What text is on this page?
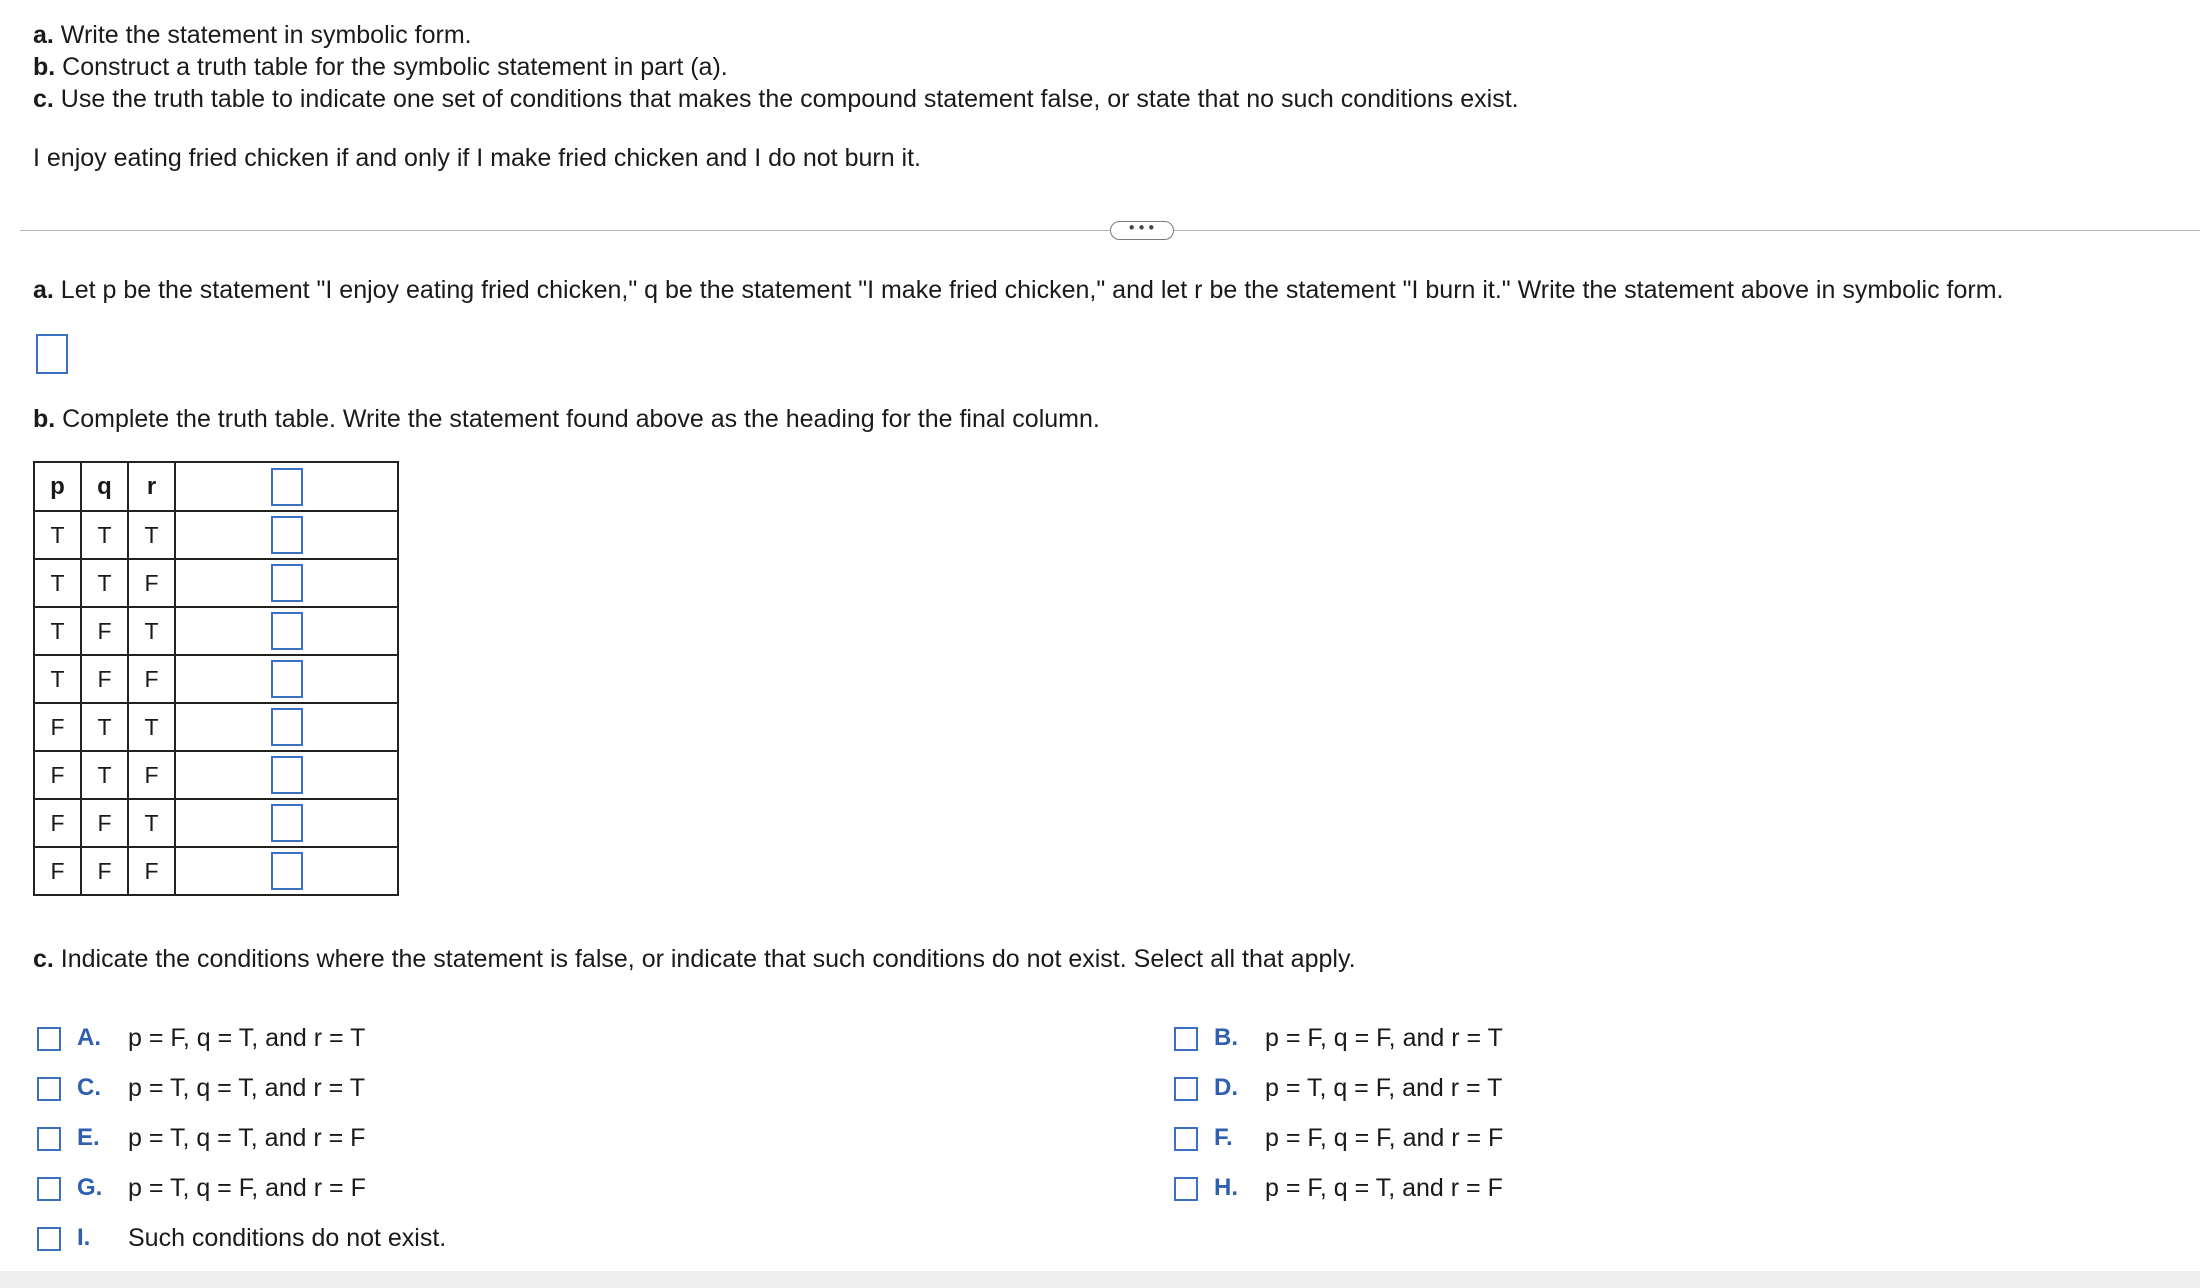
a. Write the statement in symbolic form.
b. Construct a truth table for the symbolic statement in part (a).
c. Use the truth table to indicate one set of conditions that makes the compound statement false, or state that no such conditions exist.
I enjoy eating fried chicken if and only if I make fried chicken and I do not burn it.
•••
a. Let p be the statement "I enjoy eating fried chicken," q be the statement "I make fried chicken," and let r be the statement "I burn it." Write the statement above in symbolic form.
b. Complete the truth table. Write the statement found above as the heading for the final column.
p	q	r	
T	T	T	
T	T	F	
T	F	T	
T	F	F	
F	T	T	
F	T	F	
F	F	T	
F	F	F	
c. Indicate the conditions where the statement is false, or indicate that such conditions do not exist. Select all that apply.
A. p = F, q = T, and r = T	B. p = F, q = F, and r = T
C. p = T, q = T, and r = T	D. p = T, q = F, and r = T
E. p = T, q = T, and r = F	F. p = F, q = F, and r = F
G. p = T, q = F, and r = F	H. p = F, q = T, and r = F
I. Such conditions do not exist.
